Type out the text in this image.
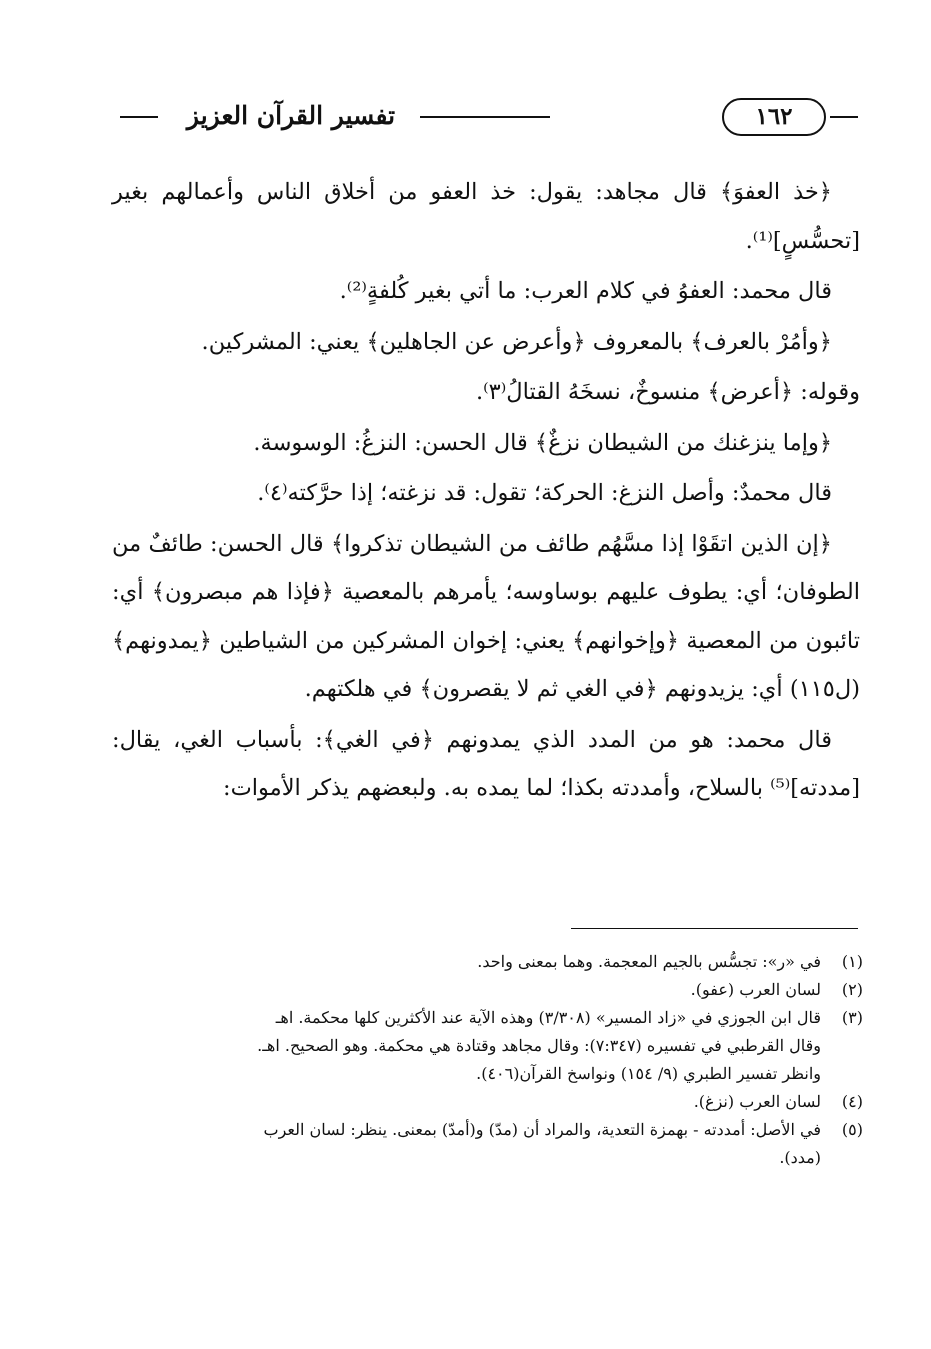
١٦٢
تفسير القرآن العزيز

﴿خذ العفوَ﴾ قال مجاهد: يقول: خذ العفو من أخلاق الناس وأعمالهم بغير [تحسُّسٍ]⁽¹⁾.

قال محمد: العفوُ في كلام العرب: ما أتي بغير كُلفةٍ⁽²⁾.

﴿وأمُرْ بالعرف﴾ بالمعروف ﴿وأعرض عن الجاهلين﴾ يعني: المشركين.

وقوله: ﴿أعرض﴾ منسوخٌ، نسخَهُ القتالُ⁽٣⁾.

﴿وإما ينزغنك من الشيطان نزغٌ﴾ قال الحسن: النزغُ: الوسوسة.

قال محمدٌ: وأصل النزغ: الحركة؛ تقول: قد نزغته؛ إذا حرَّكته⁽٤⁾.

﴿إن الذين اتقَوْا إذا مسَّهُم طائف من الشيطان تذكروا﴾ قال الحسن: طائفٌ من الطوفان؛ أي: يطوف عليهم بوساوسه؛ يأمرهم بالمعصية ﴿فإذا هم مبصرون﴾ أي: تائبون من المعصية ﴿وإخوانهم﴾ يعني: إخوان المشركين من الشياطين ﴿يمدونهم﴾ (ل١١٥) أي: يزيدونهم ﴿في الغي ثم لا يقصرون﴾ في هلكتهم.

قال محمد: هو من المدد الذي يمدونهم ﴿في الغي﴾: بأسباب الغي، يقال: [مددته]⁽⁵⁾ بالسلاح، وأمددته بكذا؛ لما يمده به. ولبعضهم يذكر الأموات:

(١)
في «ر»: تجسُّس بالجيم المعجمة. وهما بمعنى واحد.
(٢)
لسان العرب (عفو).
(٣)
قال ابن الجوزي في «زاد المسير» (٣/٣٠٨) وهذه الآية عند الأكثرين كلها محكمة. اهـ
وقال القرطبي في تفسيره (٧:٣٤٧): وقال مجاهد وقتادة هي محكمة. وهو الصحيح. اهـ.
وانظر تفسير الطبري (٩/ ١٥٤) ونواسخ القرآن(٤٠٦).
(٤)
لسان العرب (نزغ).
(٥)
في الأصل: أمددته - بهمزة التعدية، والمراد أن (مدّ) و(أمدّ) بمعنى. ينظر: لسان العرب
(مدد).
